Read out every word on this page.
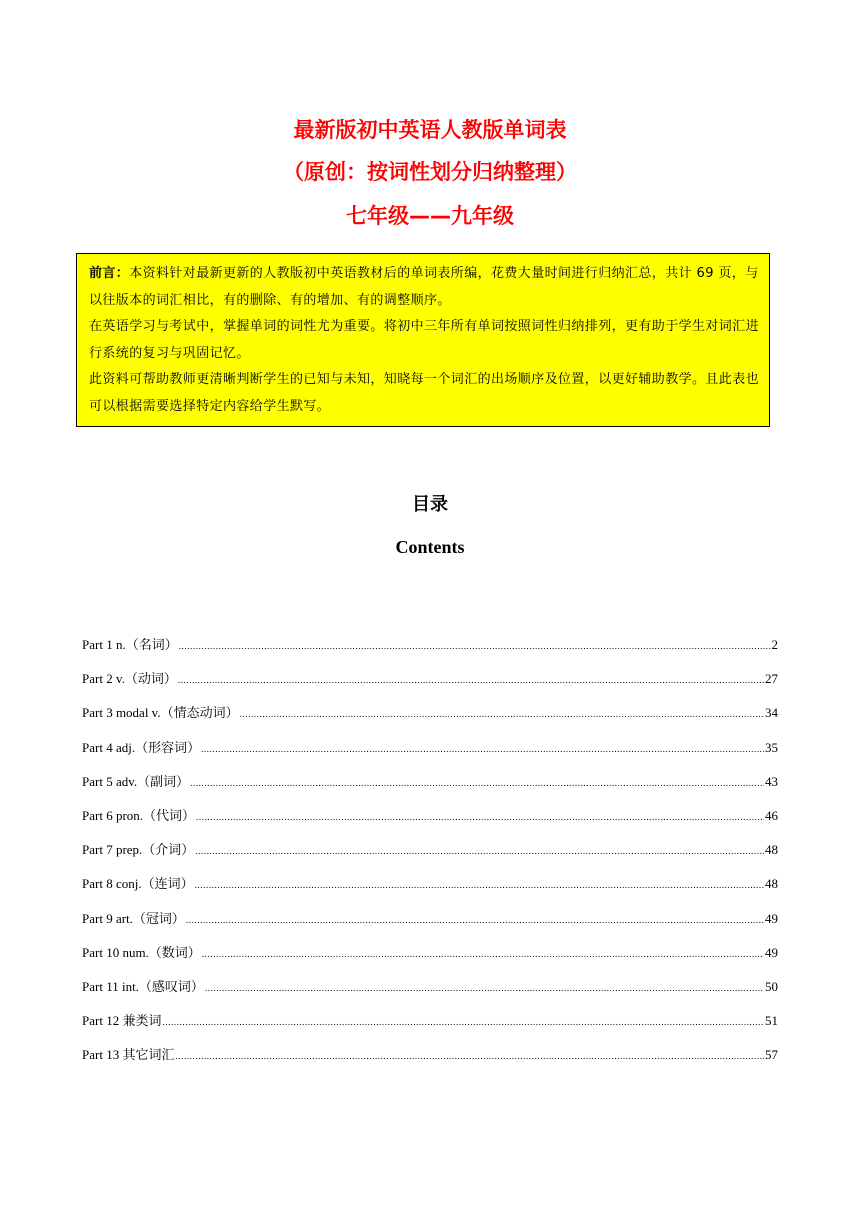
最新版初中英语人教版单词表
（原创：按词性划分归纳整理）
七年级——九年级

前言：本资料针对最新更新的人教版初中英语教材后的单词表所编，花费大量时间进行归纳汇总，共计 69 页，与以往版本的词汇相比，有的删除、有的增加、有的调整顺序。

在英语学习与考试中，掌握单词的词性尤为重要。将初中三年所有单词按照词性归纳排列，更有助于学生对词汇进行系统的复习与巩固记忆。

此资料可帮助教师更清晰判断学生的已知与未知，知晓每一个词汇的出场顺序及位置，以更好辅助教学。且此表也可以根据需要选择特定内容给学生默写。

目录
Contents
Part 1 n.（名词） .....	2
Part 2 v.（动词） .....	27
Part 3 modal v.（情态动词） .....	34
Part 4 adj.（形容词） .....	35
Part 5 adv.（副词） .....	43
Part 6 pron.（代词） .....	46
Part 7 prep.（介词） .....	48
Part 8 conj.（连词） .....	48
Part 9 art.（冠词） .....	49
Part 10 num.（数词） .....	49
Part 11 int.（感叹词） .....	50
Part 12 兼类词 .....	51
Part 13 其它词汇 .....	57
